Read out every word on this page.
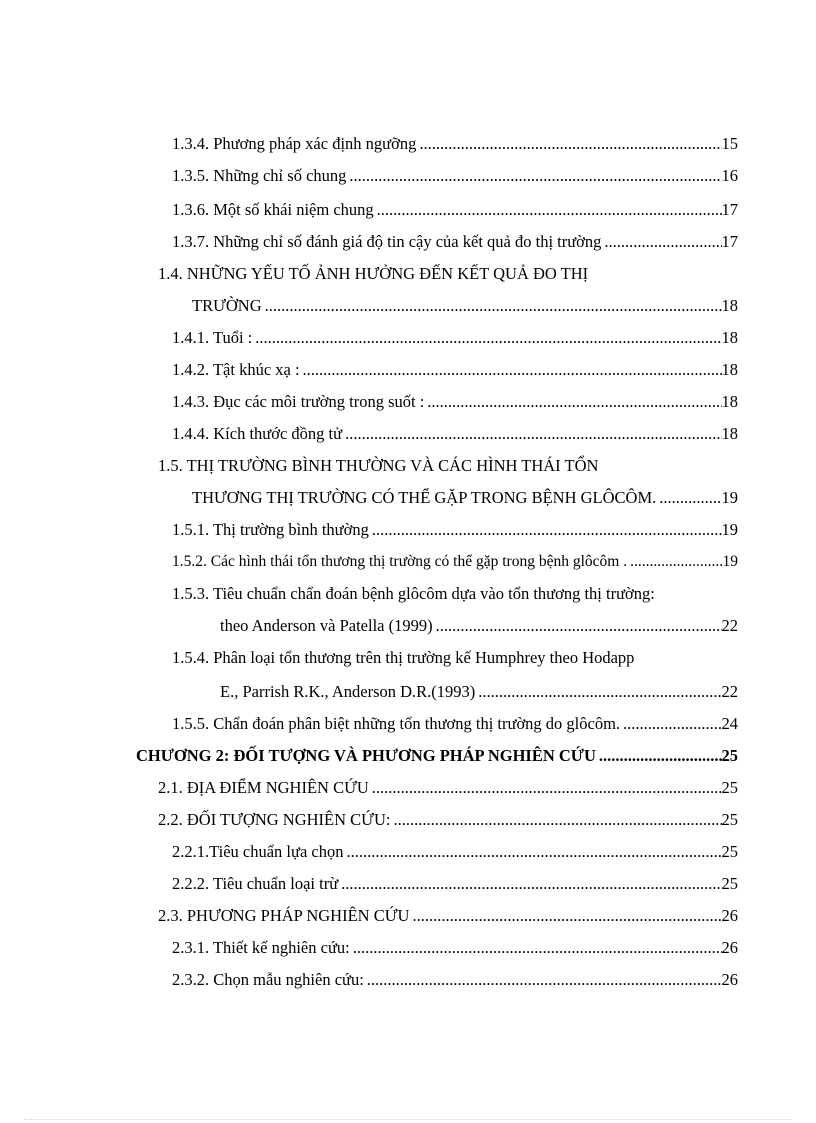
1.3.4. Phương pháp xác định ngưỡng .....	15
1.3.5. Những chỉ số chung .....	16
1.3.6. Một số khái niệm chung .....	17
1.3.7. Những chỉ số đánh giá độ tin cậy của kết quả đo thị trường .....	17
1.4. NHỮNG YẾU TỐ ẢNH HƯỞNG ĐẾN KẾT QUẢ ĐO THỊ
TRƯỜNG .....	18
1.4.1. Tuổi : .....	18
1.4.2. Tật khúc xạ : .....	18
1.4.3. Đục các môi trường trong suốt : .....	18
1.4.4. Kích thước đồng tử .....	18
1.5. THỊ TRƯỜNG BÌNH THƯỜNG VÀ CÁC HÌNH THÁI TỔN
THƯƠNG THỊ TRƯỜNG CÓ THỂ GẶP TRONG BỆNH GLÔCÔM. .....	19
1.5.1. Thị trường bình thường .....	19
1.5.2. Các hình thái tổn thương thị trường có thể gặp trong bệnh glôcôm . .....	19
1.5.3. Tiêu chuẩn chẩn đoán bệnh glôcôm dựa vào tổn thương thị trường:
theo Anderson và Patella (1999) .....	22
1.5.4. Phân loại tổn thương trên thị trường kế Humphrey theo Hodapp
E., Parrish R.K., Anderson D.R.(1993) .....	22
1.5.5. Chẩn đoán phân biệt những tổn thương thị trường do glôcôm. .....	24
CHƯƠNG 2: ĐỐI TƯỢNG VÀ PHƯƠNG PHÁP NGHIÊN CỨU .....	25
2.1. ĐỊA ĐIỂM NGHIÊN CỨU .....	25
2.2. ĐỐI TƯỢNG NGHIÊN CỨU: .....	25
2.2.1.Tiêu chuẩn lựa chọn .....	25
2.2.2. Tiêu chuẩn loại trừ .....	25
2.3. PHƯƠNG PHÁP NGHIÊN CỨU .....	26
2.3.1. Thiết kế nghiên cứu: .....	26
2.3.2. Chọn mẫu nghiên cứu: .....	26
